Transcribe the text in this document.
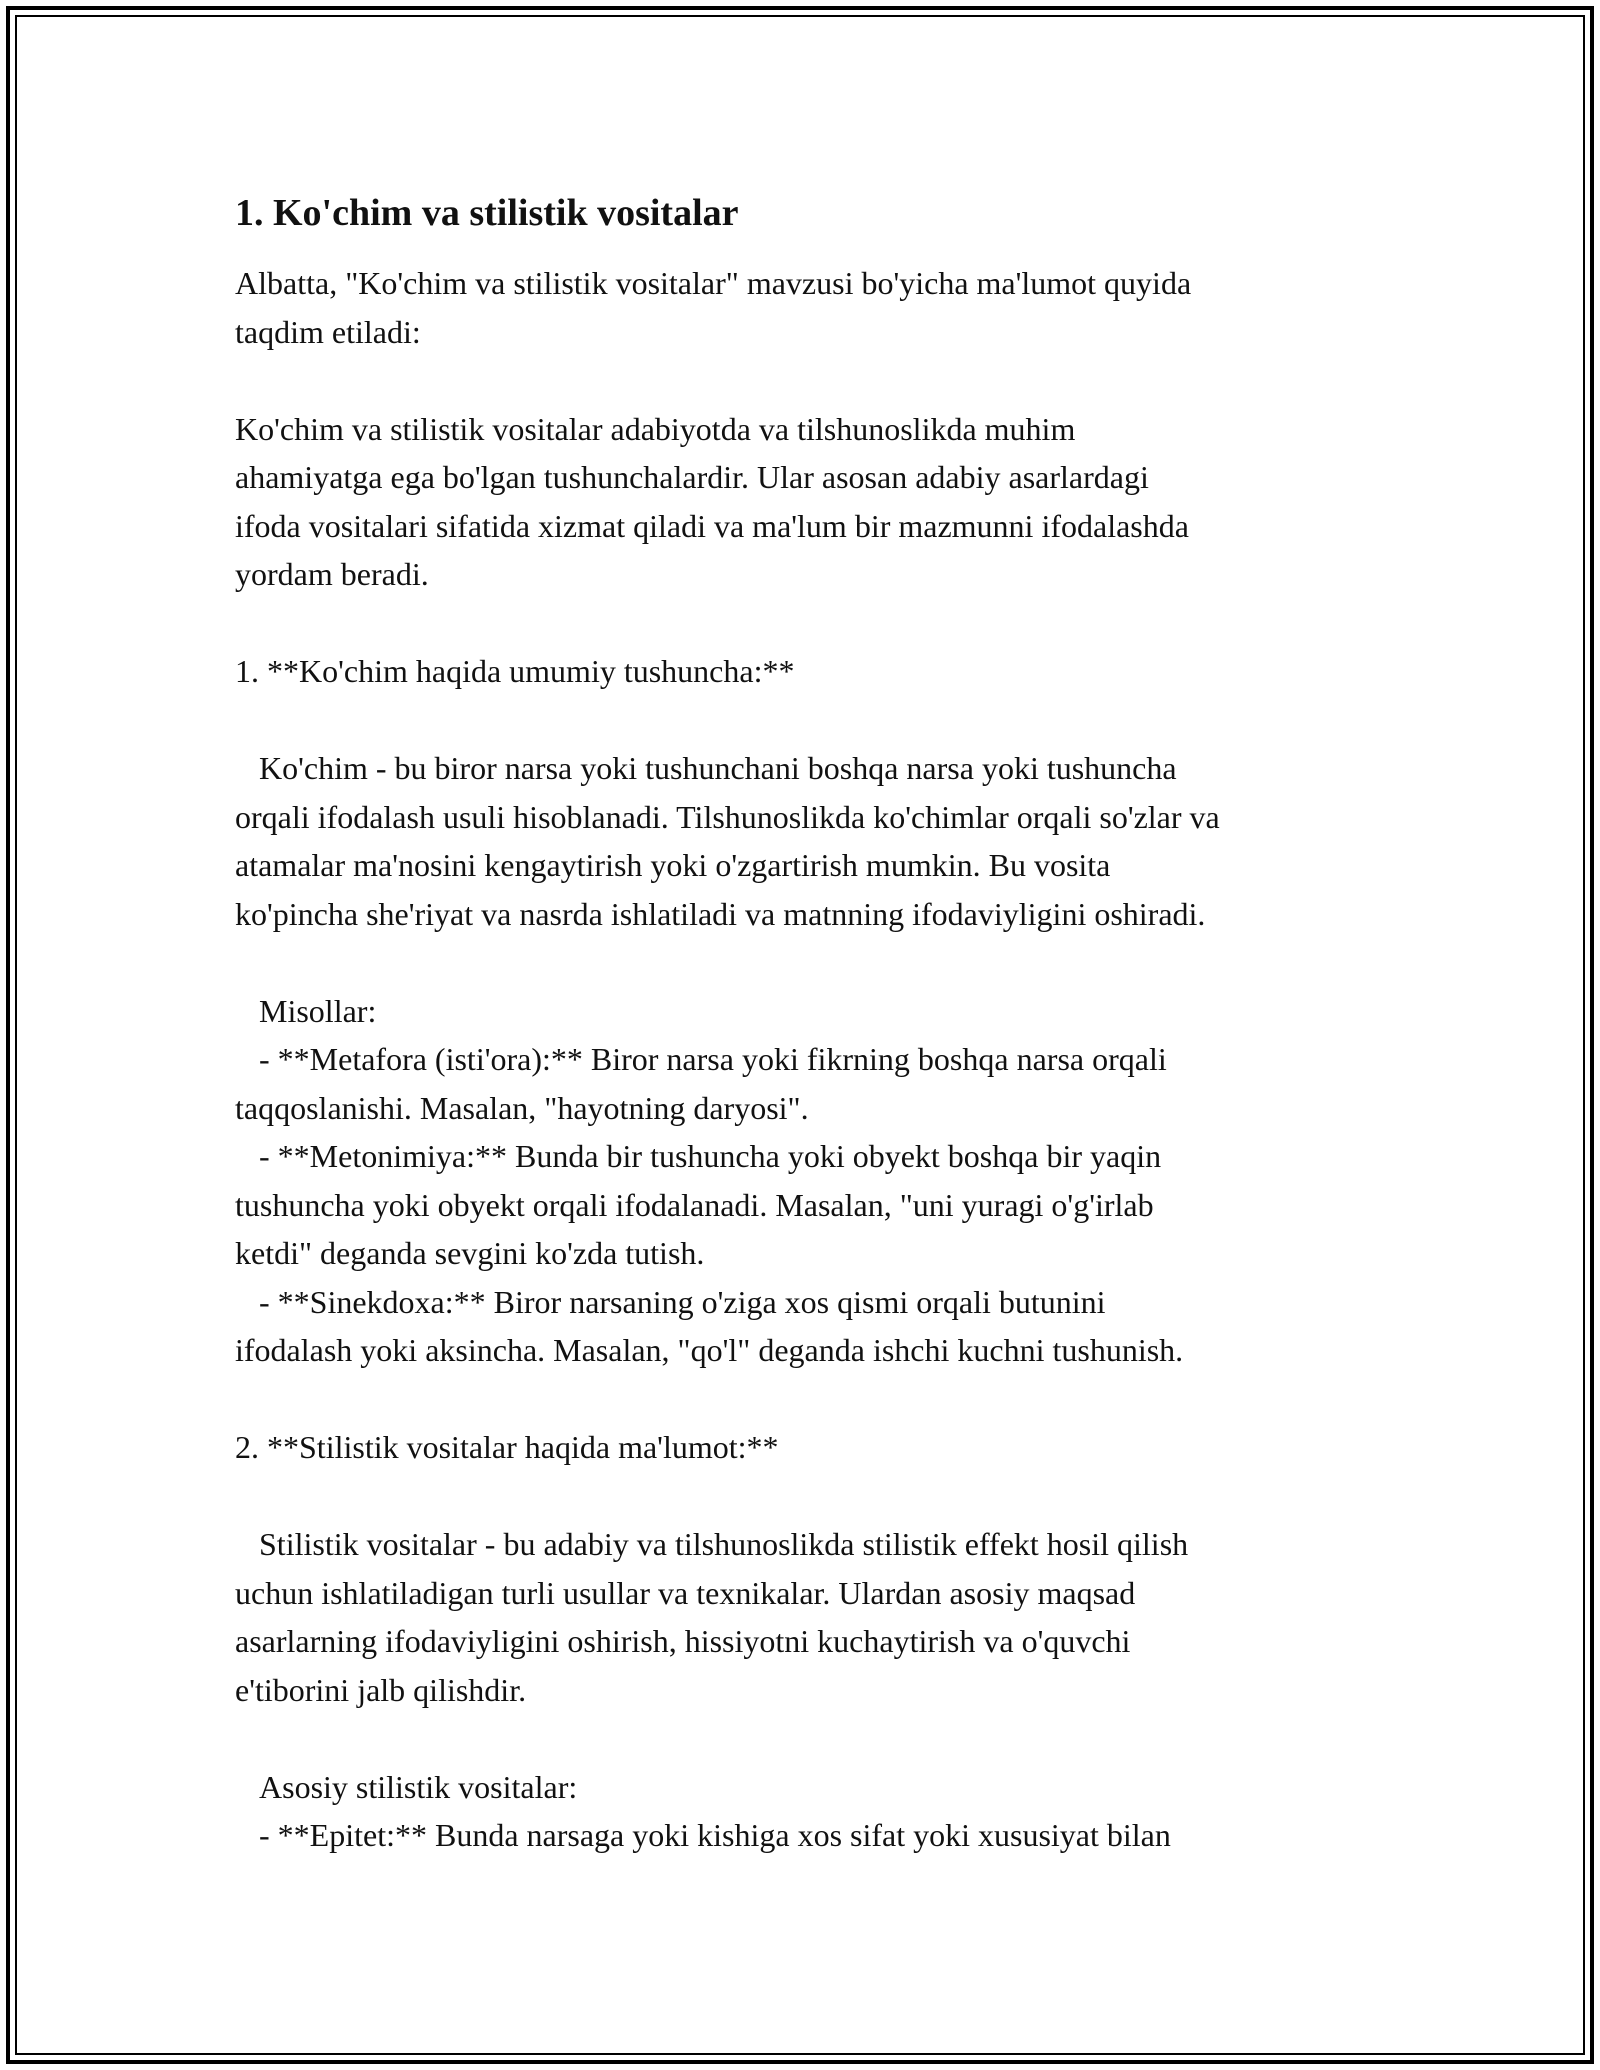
1. Ko'chim va stilistik vositalar
Albatta, "Ko'chim va stilistik vositalar" mavzusi bo'yicha ma'lumot quyida
taqdim etiladi:
Ko'chim va stilistik vositalar adabiyotda va tilshunoslikda muhim
ahamiyatga ega bo'lgan tushunchalardir. Ular asosan adabiy asarlardagi
ifoda vositalari sifatida xizmat qiladi va ma'lum bir mazmunni ifodalashda
yordam beradi.
1. **Ko'chim haqida umumiy tushuncha:**
Ko'chim - bu biror narsa yoki tushunchani boshqa narsa yoki tushuncha
orqali ifodalash usuli hisoblanadi. Tilshunoslikda ko'chimlar orqali so'zlar va
atamalar ma'nosini kengaytirish yoki o'zgartirish mumkin. Bu vosita
ko'pincha she'riyat va nasrda ishlatiladi va matnning ifodaviyligini oshiradi.
Misollar:
- **Metafora (isti'ora):** Biror narsa yoki fikrning boshqa narsa orqali
taqqoslanishi. Masalan, "hayotning daryosi".
- **Metonimiya:** Bunda bir tushuncha yoki obyekt boshqa bir yaqin
tushuncha yoki obyekt orqali ifodalanadi. Masalan, "uni yuragi o'g'irlab
ketdi" deganda sevgini ko'zda tutish.
- **Sinekdoxa:** Biror narsaning o'ziga xos qismi orqali butunini
ifodalash yoki aksincha. Masalan, "qo'l" deganda ishchi kuchni tushunish.
2. **Stilistik vositalar haqida ma'lumot:**
Stilistik vositalar - bu adabiy va tilshunoslikda stilistik effekt hosil qilish
uchun ishlatiladigan turli usullar va texnikalar. Ulardan asosiy maqsad
asarlarning ifodaviyligini oshirish, hissiyotni kuchaytirish va o'quvchi
e'tiborini jalb qilishdir.
Asosiy stilistik vositalar:
- **Epitet:** Bunda narsaga yoki kishiga xos sifat yoki xususiyat bilan
